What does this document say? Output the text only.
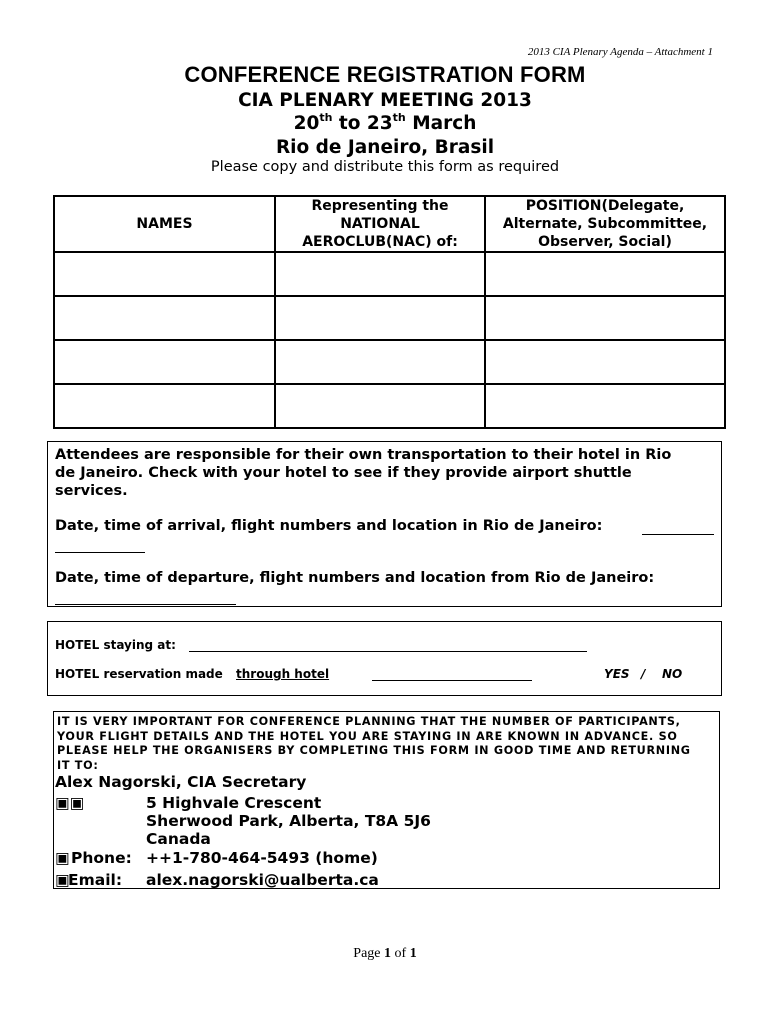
2013 CIA Plenary Agenda – Attachment 1
CONFERENCE REGISTRATION FORM
CIA PLENARY MEETING 2013
20th to 23th March
Rio de Janeiro, Brasil
Please copy and distribute this form as required
NAMES	Representing the NATIONAL AEROCLUB(NAC) of:	POSITION(Delegate, Alternate, Subcommittee, Observer, Social)

Attendees are responsible for their own transportation to their hotel in Rio
de Janeiro. Check with your hotel to see if they provide airport shuttle
services.
Date, time of arrival, flight numbers and location in Rio de Janeiro:
Date, time of departure, flight numbers and location from Rio de Janeiro:
HOTEL staying at:
HOTEL reservation made through hotel	YES / NO
IT IS VERY IMPORTANT FOR CONFERENCE PLANNING THAT THE NUMBER OF PARTICIPANTS,
YOUR FLIGHT DETAILS AND THE HOTEL YOU ARE STAYING IN ARE KNOWN IN ADVANCE. SO
PLEASE HELP THE ORGANISERS BY COMPLETING THIS FORM IN GOOD TIME AND RETURNING
IT TO:
Alex Nagorski, CIA Secretary
▣▣	5 Highvale Crescent
Sherwood Park, Alberta, T8A 5J6
Canada
▣ Phone: ++1-780-464-5493 (home)
▣
Email: alex.nagorski@ualberta.ca
Page 1 of 1
